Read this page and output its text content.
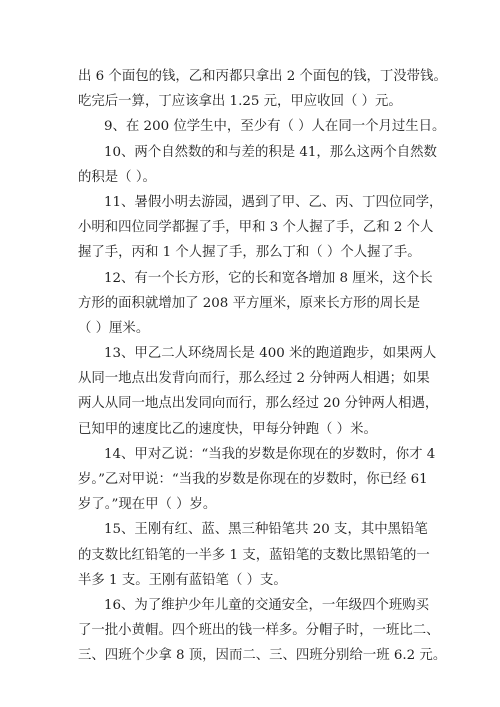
出 6 个面包的钱，乙和丙都只拿出 2 个面包的钱，丁没带钱。
吃完后一算，丁应该拿出 1.25 元，甲应收回（ ）元。
9、在 200 位学生中，至少有（ ）人在同一个月过生日。
10、两个自然数的和与差的积是 41，那么这两个自然数
的积是（ ）。
11、暑假小明去游园，遇到了甲、乙、丙、丁四位同学，
小明和四位同学都握了手，甲和 3 个人握了手，乙和 2 个人
握了手，丙和 1 个人握了手，那么丁和（ ）个人握了手。
12、有一个长方形，它的长和宽各增加 8 厘米，这个长
方形的面积就增加了 208 平方厘米，原来长方形的周长是
（ ）厘米。
13、甲乙二人环绕周长是 400 米的跑道跑步，如果两人
从同一地点出发背向而行，那么经过 2 分钟两人相遇；如果
两人从同一地点出发同向而行，那么经过 20 分钟两人相遇，
已知甲的速度比乙的速度快，甲每分钟跑（ ）米。
14、甲对乙说：“当我的岁数是你现在的岁数时，你才 4
岁。”乙对甲说：“当我的岁数是你现在的岁数时，你已经 61
岁了。”现在甲（ ）岁。
15、王刚有红、蓝、黑三种铅笔共 20 支，其中黑铅笔
的支数比红铅笔的一半多 1 支，蓝铅笔的支数比黑铅笔的一
半多 1 支。王刚有蓝铅笔（ ）支。
16、为了维护少年儿童的交通安全，一年级四个班购买
了一批小黄帽。四个班出的钱一样多。分帽子时，一班比二、
三、四班个少拿 8 顶，因而二、三、四班分别给一班 6.2 元。
